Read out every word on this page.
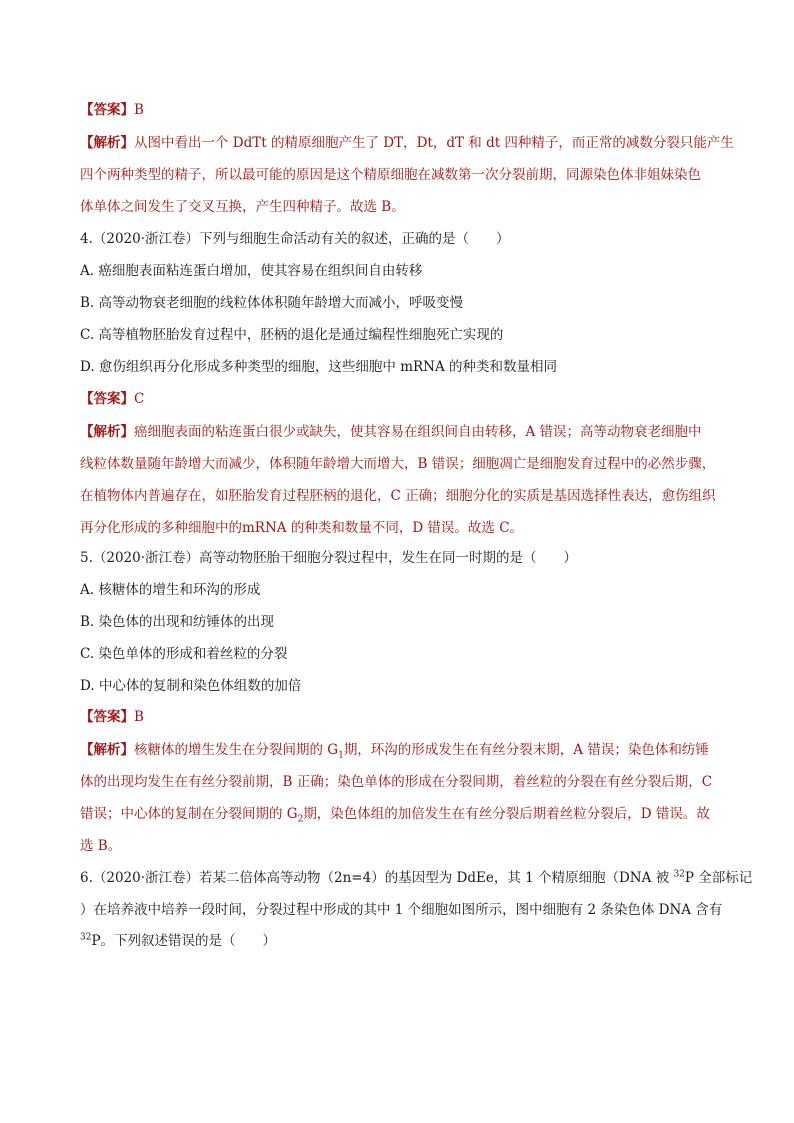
【答案】B
【解析】从图中看出一个 DdTt 的精原细胞产生了 DT，Dt，dT 和 dt 四种精子，而正常的减数分裂只能产生
四个两种类型的精子，所以最可能的原因是这个精原细胞在减数第一次分裂前期，同源染色体非姐妹染色
体单体之间发生了交叉互换，产生四种精子。故选 B。
4.（2020·浙江卷）下列与细胞生命活动有关的叙述，正确的是（　　）
A. 癌细胞表面粘连蛋白增加，使其容易在组织间自由转移
B. 高等动物衰老细胞的线粒体体积随年龄增大而减小，呼吸变慢
C. 高等植物胚胎发育过程中，胚柄的退化是通过编程性细胞死亡实现的
D. 愈伤组织再分化形成多种类型的细胞，这些细胞中 mRNA 的种类和数量相同
【答案】C
【解析】癌细胞表面的粘连蛋白很少或缺失，使其容易在组织间自由转移，A 错误；高等动物衰老细胞中
线粒体数量随年龄增大而减少，体积随年龄增大而增大，B 错误；细胞凋亡是细胞发育过程中的必然步骤，
在植物体内普遍存在，如胚胎发育过程胚柄的退化，C 正确；细胞分化的实质是基因选择性表达，愈伤组织
再分化形成的多种细胞中的mRNA 的种类和数量不同，D 错误。故选 C。
5.（2020·浙江卷）高等动物胚胎干细胞分裂过程中，发生在同一时期的是（　　）
A. 核糖体的增生和环沟的形成
B. 染色体的出现和纺锤体的出现
C. 染色单体的形成和着丝粒的分裂
D. 中心体的复制和染色体组数的加倍
【答案】B
【解析】核糖体的增生发生在分裂间期的 $G_1$期，环沟的形成发生在有丝分裂末期，A 错误；染色体和纺锤
体的出现均发生在有丝分裂前期，B 正确；染色单体的形成在分裂间期，着丝粒的分裂在有丝分裂后期，C
错误；中心体的复制在分裂间期的 $G_2$期，染色体组的加倍发生在有丝分裂后期着丝粒分裂后，D 错误。故
选 B。
6.（2020·浙江卷）若某二倍体高等动物（2n=4）的基因型为 DdEe，其 1 个精原细胞（DNA 被 $^{32}$P 全部标记
）在培养液中培养一段时间，分裂过程中形成的其中 1 个细胞如图所示，图中细胞有 2 条染色体 DNA 含有
$^{32}$P。下列叙述错误的是（　　）
